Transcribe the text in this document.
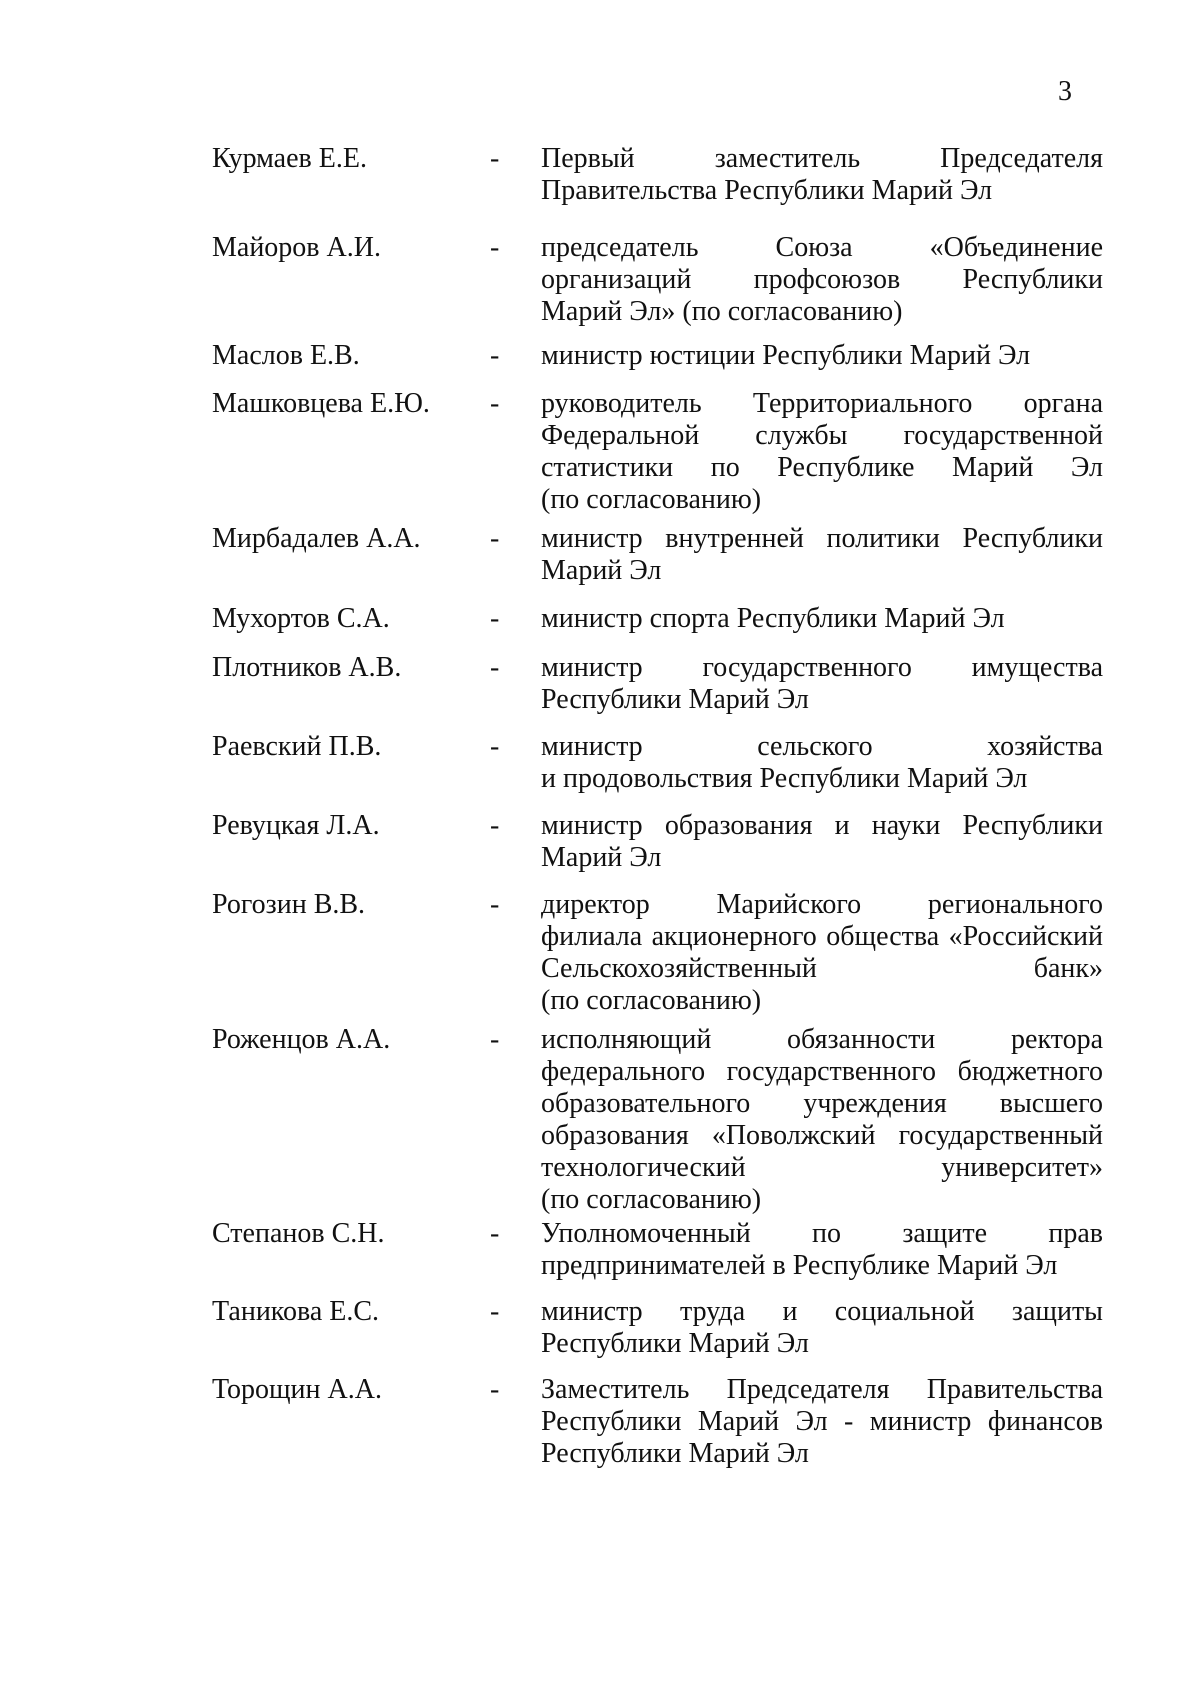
3
Курмаев Е.Е.	- Первый заместитель Председателя
Правительства Республики Марий Эл
Майоров А.И.	- председатель Союза «Объединение
организаций профсоюзов Республики
Марий Эл» (по согласованию)
Маслов Е.В.	- министр юстиции Республики Марий Эл
Машковцева Е.Ю. - руководитель Территориального органа
Федеральной службы государственной
статистики по Республике Марий Эл
(по согласованию)
Мирбадалев А.А. - министр внутренней политики Республики
Марий Эл
Мухортов С.А.	- министр спорта Республики Марий Эл
Плотников А.В.	- министр государственного имущества
Республики Марий Эл
Раевский П.В.	- министр сельского хозяйства
и продовольствия Республики Марий Эл
Ревуцкая Л.А.	- министр образования и науки Республики
Марий Эл
Рогозин В.В.	- директор Марийского регионального
филиала акционерного общества «Российский
Сельскохозяйственный банк»
(по согласованию)
Роженцов А.А.	- исполняющий обязанности ректора
федерального государственного бюджетного
образовательного учреждения высшего
образования «Поволжский государственный
технологический университет»
(по согласованию)
Степанов С.Н.	- Уполномоченный по защите прав
предпринимателей в Республике Марий Эл
Таникова Е.С.	- министр труда и социальной защиты
Республики Марий Эл
Торощин А.А.	- Заместитель Председателя Правительства
Республики Марий Эл - министр финансов
Республики Марий Эл
